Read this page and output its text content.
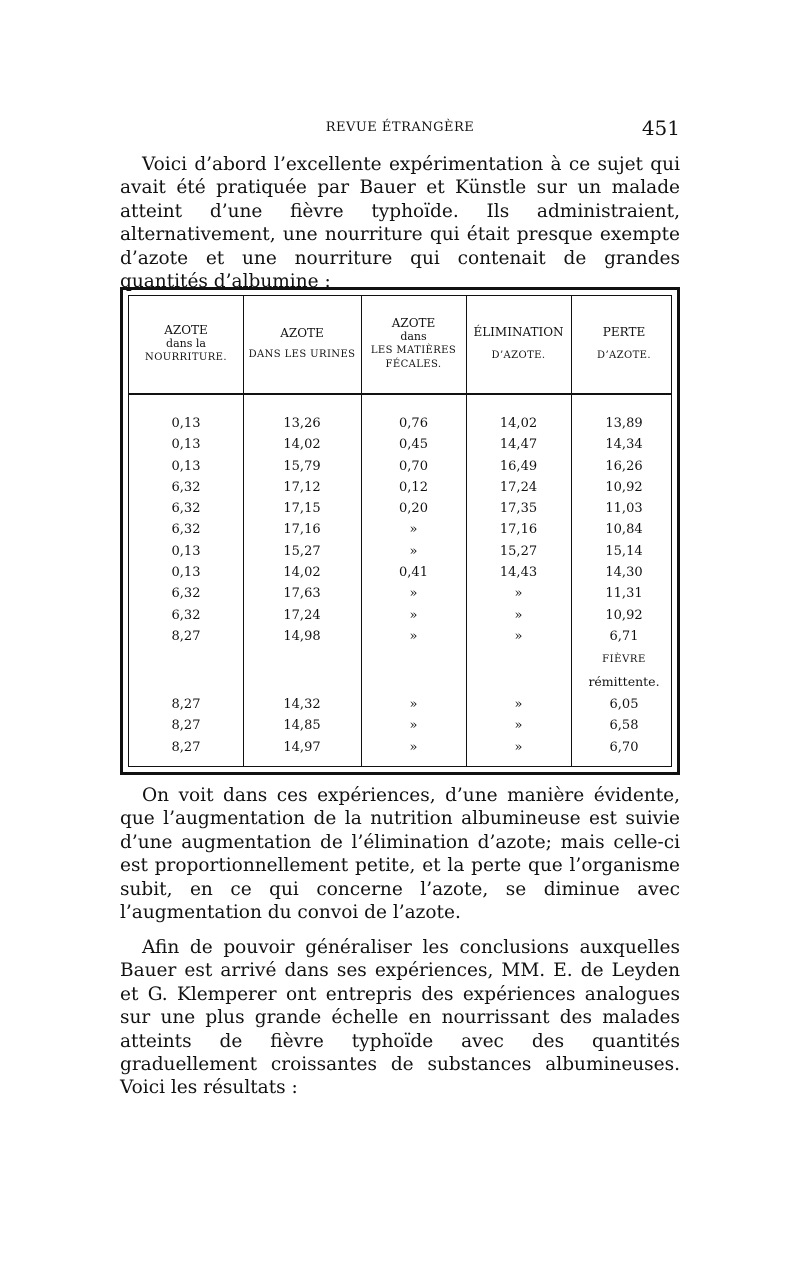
REVUE ÉTRANGÈRE	451
Voici d’abord l’excellente expérimentation à ce sujet qui avait été pratiquée par Bauer et Künstle sur un malade atteint d’une fièvre typhoïde. Ils administraient, alternativement, une nourriture qui était presque exempte d’azote et une nourriture qui contenait de grandes quantités d’albumine :
AZOTE
dans la
NOURRITURE.
AZOTE
DANS LES URINES
AZOTE
dans
LES MATIÈRES
FÉCALES.
ÉLIMINATION
D’AZOTE.
PERTE
D’AZOTE.
0,13
0,13
0,13
6,32
6,32
6,32
0,13
0,13
6,32
6,32
8,27
13,26
14,02
15,79
17,12
17,15
17,16
15,27
14,02
17,63
17,24
14,98
0,76
0,45
0,70
0,12
0,20
»
»
0,41
»
»
»
14,02
14,47
16,49
17,24
17,35
17,16
15,27
14,43
»
»
»
13,89
14,34
16,26
10,92
11,03
10,84
15,14
14,30
11,31
10,92
6,71
FIÈVRE
rémittente.
8,27
8,27
8,27
14,32
14,85
14,97
»
»
»
»
»
»
6,05
6,58
6,70
On voit dans ces expériences, d’une manière évidente, que l’augmentation de la nutrition albumineuse est suivie d’une augmentation de l’élimination d’azote; mais celle-ci est proportionnellement petite, et la perte que l’organisme subit, en ce qui concerne l’azote, se diminue avec l’augmentation du convoi de l’azote.
Afin de pouvoir généraliser les conclusions auxquelles Bauer est arrivé dans ses expériences, MM. E. de Leyden et G. Klemperer ont entrepris des expériences analogues sur une plus grande échelle en nourrissant des malades atteints de fièvre typhoïde avec des quantités graduellement croissantes de substances albumineuses. Voici les résultats :
